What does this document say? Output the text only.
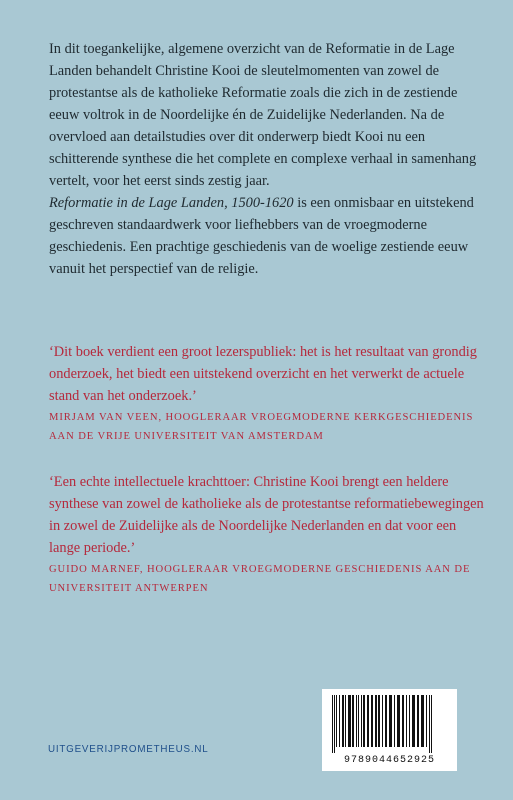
In dit toegankelijke, algemene overzicht van de Reformatie in de Lage Landen behandelt Christine Kooi de sleutelmomenten van zowel de protestantse als de katholieke Reformatie zoals die zich in de zestiende eeuw voltrok in de Noordelijke én de Zuidelijke Nederlanden. Na de overvloed aan detailstudies over dit onderwerp biedt Kooi nu een schitterende synthese die het complete en complexe verhaal in samenhang vertelt, voor het eerst sinds zestig jaar.

Reformatie in de Lage Landen, 1500-1620 is een onmisbaar en uitstekend geschreven standaardwerk voor liefhebbers van de vroegmoderne geschiedenis. Een prachtige geschiedenis van de woelige zestiende eeuw vanuit het perspectief van de religie.

‘Dit boek verdient een groot lezerspubliek: het is het resultaat van grondig onderzoek, het biedt een uitstekend overzicht en het verwerkt de actuele stand van het onderzoek.’

MIRJAM VAN VEEN, HOOGLERAAR VROEGMODERNE KERKGESCHIEDENIS AAN DE VRIJE UNIVERSITEIT VAN AMSTERDAM

‘Een echte intellectuele krachttoer: Christine Kooi brengt een heldere synthese van zowel de katholieke als de protestantse reformatiebewegingen in zowel de Zuidelijke als de Noordelijke Nederlanden en dat voor een lange periode.’

GUIDO MARNEF, HOOGLERAAR VROEGMODERNE GESCHIEDENIS AAN DE UNIVERSITEIT ANTWERPEN

UITGEVERIJPROMETHEUS.NL
9789044652925
